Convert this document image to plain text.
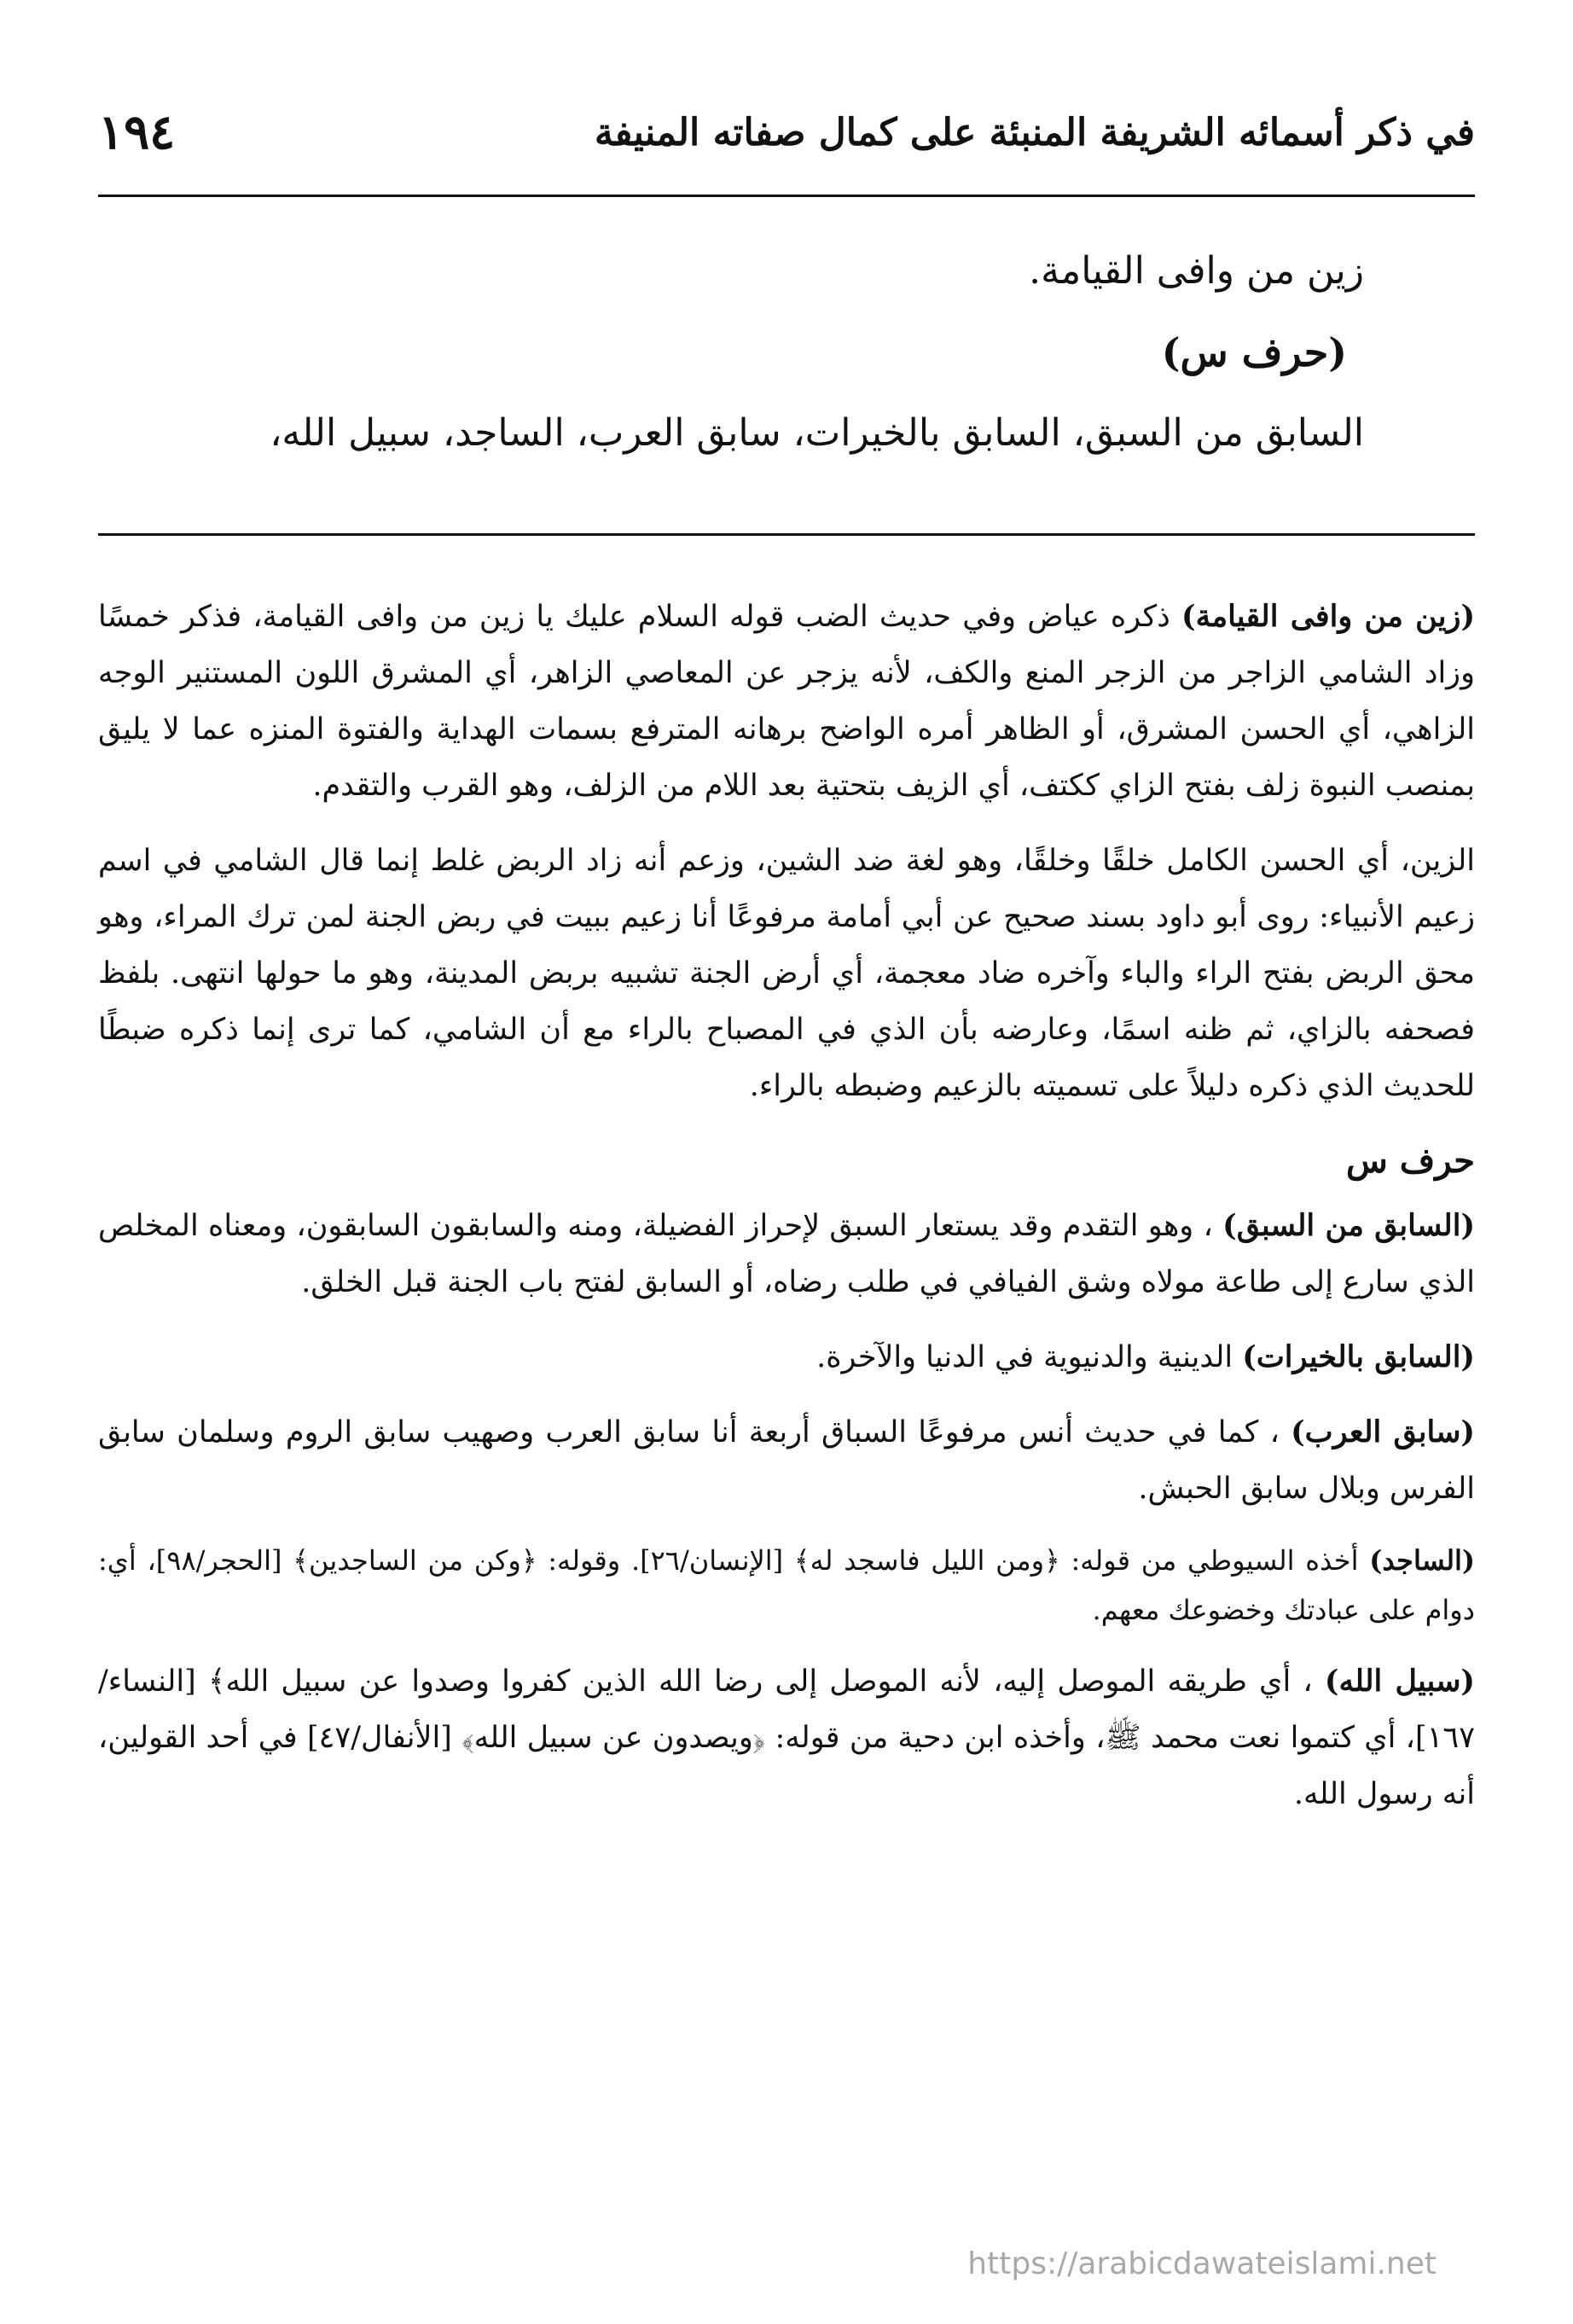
في ذكر أسمائه الشريفة المنبئة على كمال صفاته المنيفة
١٩٤
زين من وافى القيامة.
(حرف س)
السابق من السبق، السابق بالخيرات، سابق العرب، الساجد، سبيل الله،

(زين من وافى القيامة) ذكره عياض وفي حديث الضب قوله السلام عليك يا زين من وافى القيامة، فذكر خمسًا وزاد الشامي الزاجر من الزجر المنع والكف، لأنه يزجر عن المعاصي الزاهر، أي المشرق اللون المستنير الوجه الزاهي، أي الحسن المشرق، أو الظاهر أمره الواضح برهانه المترفع بسمات الهداية والفتوة المنزه عما لا يليق بمنصب النبوة زلف بفتح الزاي ككتف، أي الزيف بتحتية بعد اللام من الزلف، وهو القرب والتقدم.

الزين، أي الحسن الكامل خلقًا وخلقًا، وهو لغة ضد الشين، وزعم أنه زاد الربض غلط إنما قال الشامي في اسم زعيم الأنبياء: روى أبو داود بسند صحيح عن أبي أمامة مرفوعًا أنا زعيم ببيت في ربض الجنة لمن ترك المراء، وهو محق الربض بفتح الراء والباء وآخره ضاد معجمة، أي أرض الجنة تشبيه بربض المدينة، وهو ما حولها انتهى. بلفظ فصحفه بالزاي، ثم ظنه اسمًا، وعارضه بأن الذي في المصباح بالراء مع أن الشامي، كما ترى إنما ذكره ضبطًا للحديث الذي ذكره دليلاً على تسميته بالزعيم وضبطه بالراء.

حرف س

(السابق من السبق) ، وهو التقدم وقد يستعار السبق لإحراز الفضيلة، ومنه والسابقون السابقون، ومعناه المخلص الذي سارع إلى طاعة مولاه وشق الفيافي في طلب رضاه، أو السابق لفتح باب الجنة قبل الخلق.

(السابق بالخيرات) الدينية والدنيوية في الدنيا والآخرة.

(سابق العرب) ، كما في حديث أنس مرفوعًا السباق أربعة أنا سابق العرب وصهيب سابق الروم وسلمان سابق الفرس وبلال سابق الحبش.

(الساجد) أخذه السيوطي من قوله: ﴿ومن الليل فاسجد له﴾ [الإنسان/٢٦]. وقوله: ﴿وكن من الساجدين﴾ [الحجر/٩٨]، أي: دوام على عبادتك وخضوعك معهم.

(سبيل الله) ، أي طريقه الموصل إليه، لأنه الموصل إلى رضا الله الذين كفروا وصدوا عن سبيل الله﴾ [النساء/١٦٧]، أي كتموا نعت محمد ﷺ، وأخذه ابن دحية من قوله: ﴿ويصدون عن سبيل الله﴾ [الأنفال/٤٧] في أحد القولين، أنه رسول الله.

https://arabicdawateislami.net
